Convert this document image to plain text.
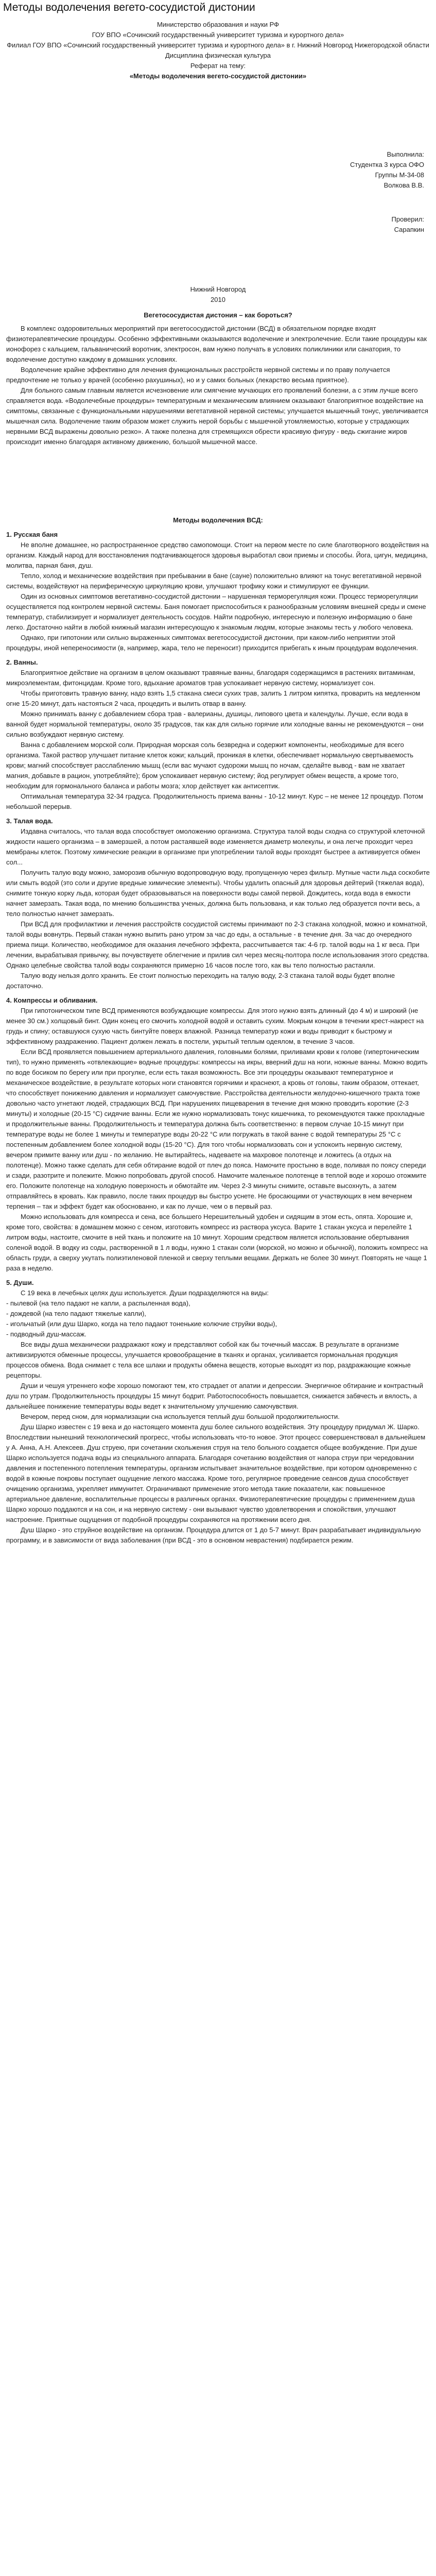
Методы водолечения вегето-сосудистой дистонии

Министерство образования и науки РФ

ГОУ ВПО «Сочинский государственный университет туризма и курортного дела»

Филиал ГОУ ВПО «Сочинский государственный университет туризма и курортного дела» в г. Нижний Новгород Нижегородской области

Дисциплина физическая культура

Реферат на тему:

«Методы водолечения вегето-сосудистой дистонии»

Выполнила:

Студентка 3 курса ОФО

Группы М-34-08

Волкова В.В.

Проверил:

Сарапкин

Нижний Новгород

2010

Вегетососудистая дистония – как бороться?

В комплекс оздоровительных мероприятий при вегетососудистой дистонии (ВСД) в обязательном порядке входят физиотерапевтические процедуры. Особенно эффективными оказываются водолечение и электролечение. Если такие процедуры как ионофорез с кальцием, гальванический воротник, электросон, вам нужно получать в условиях поликлиники или санатория, то водолечение доступно каждому в домашних условиях.

Водолечение крайне эффективно для лечения функциональных расстройств нервной системы и по праву получается предпочтение не только у врачей (особенно рахушиных), но и у самих больных (лекарство весьма приятное).

Для больного самым главным является исчезновение или смягчение мучающих его проявлений болезни, а с этим лучше всего справляется вода. «Водолечебные процедуры» температурным и механическим влиянием оказывают благоприятное воздействие на симптомы, связанные с функциональными нарушениями вегетативной нервной системы; улучшается мышечный тонус, увеличивается мышечная сила. Водолечение таким образом может служить нерой борьбы с мышечной утомляемостью, которые у страдающих нервными ВСД выражены довольно резко». А также полезна для стремящихся обрести красивую фигуру - ведь сжигание жиров происходит именно благодаря активному движению, большой мышечной массе.

Методы водолечения ВСД:

1. Русская баня

Не вполне домашнее, но распространенное средство самопомощи. Стоит на первом месте по силе благотворного воздействия на организм. Каждый народ для восстановления подтачивающегося здоровья выработал свои приемы и способы. Йога, цигун, медицина, молитва, парная баня, душ.

Тепло, холод и механические воздействия при пребывании в бане (сауне) положительно влияют на тонус вегетативной нервной системы, воздействуют на периферическую циркуляцию крови, улучшают трофику кожи и стимулируют ее функции.

Один из основных симптомов вегетативно-сосудистой дистонии – нарушенная терморегуляция кожи. Процесс терморегуляции осуществляется под контролем нервной системы. Баня помогает приспособиться к разнообразным условиям внешней среды и смене температур, стабилизирует и нормализует деятельность сосудов. Найти подробную, интересную и полезную информацию о бане легко. Достаточно найти в любой книжный магазин интересующую к знакомым людям, которые знакомы тесть у любого человека.

Однако, при гипотонии или сильно выраженных симптомах вегетососудистой дистонии, при каком-либо неприятии этой процедуры, иной непереносимости (в, например, жара, тело не переносит) приходится прибегать к иным процедурам водолечения.

2. Ванны.

Благоприятное действие на организм в целом оказывают травяные ванны, благодаря содержащимся в растениях витаминам, микроэлементам, фитонцидам. Кроме того, вдыхание ароматов трав успокаивает нервную систему, нормализует сон.

Чтобы приготовить травную ванну, надо взять 1,5 стакана смеси сухих трав, залить 1 литром кипятка, проварить на медленном огне 15-20 минут, дать настояться 2 часа, процедить и вылить отвар в ванну.

Можно принимать ванну с добавлением сбора трав - валерианы, душицы, липового цвета и календулы. Лучше, если вода в ванной будет нормальной температуры, около 35 градусов, так как для сильно горячие или холодные ванны не рекомендуются – они сильно возбуждают нервную систему.

Ванна с добавлением морской соли. Природная морская соль безвредна и содержит компоненты, необходимые для всего организма. Такой раствор улучшает питание клеток кожи; кальций, проникая в клетки, обеспечивает нормальную свертываемость крови; магний способствует расслаблению мышц (если вас мучают судорожи мышц по ночам, сделайте вывод - вам не хватает магния, добавьте в рацион, употребляйте); бром успокаивает нервную систему; йод регулирует обмен веществ, а кроме того, необходим для гормонального баланса и работы мозга; хлор действует как антисептик.

Оптимальная температура 32-34 градуса. Продолжительность приема ванны - 10-12 минут. Курс – не менее 12 процедур. Потом небольшой перерыв.

3. Талая вода.

Издавна считалось, что талая вода способствует омоложению организма. Структура талой воды сходна со структурой клеточной жидкости нашего организма – в замерзшей, а потом растаявшей воде изменяется диаметр молекулы, и она легче проходит через мембраны клеток. Поэтому химические реакции в организме при употреблении талой воды проходят быстрее а активируется обмен сол...

Получить талую воду можно, заморозив обычную водопроводную воду, пропущенную через фильтр. Мутные части льда соскобите или смыть водой (это соли и другие вредные химические элементы). Чтобы удалить опасный для здоровья дейтерий (тяжелая вода), снимите тонкую корку льда, которая будет образовываться на поверхности воды самой первой. Дождитесь, когда вода в емкости начнет замерзать. Такая вода, по мнению большинства ученых, должна быть пользована, и как только лед образуется почти весь, а тело полностью начнет замерзать.

При ВСД для профилактики и лечения расстройств сосудистой системы принимают по 2-3 стакана холодной, можно и комнатной, талой воды вовнутрь. Первый стакан нужно выпить рано утром за час до еды, а остальные - в течение дня. За час до очередного приема пищи. Количество, необходимое для оказания лечебного эффекта, рассчитывается так: 4-6 гр. талой воды на 1 кг веса. При лечении, вырабатывая привычку, вы почувствуете облегчение и прилив сил через месяц-полтора после использования этого средства. Однако целебные свойства талой воды сохраняются примерно 16 часов после того, как вы тело полностью растаяли.

Талую воду нельзя долго хранить. Ее стоит полностью переходить на талую воду, 2-3 стакана талой воды будет вполне достаточно.

4. Компрессы и обливания.

При гипотоническом типе ВСД применяются возбуждающие компрессы. Для этого нужно взять длинный (до 4 м) и широкий (не менее 30 см.) холщовый бинт. Один конец его смочить холодной водой и оставить сухим. Мокрым концом в течении крест-накрест на грудь и спину; оставшуюся сухую часть бинтуйте поверх влажной. Разница температур кожи и воды приводит к быстрому и эффективному раздражению. Пациент должен лежать в постели, укрытый теплым одеялом, в течение 3 часов.

Если ВСД проявляется повышением артериального давления, головными болями, приливами крови к голове (гипертоническим тип), то нужно применять «отвлекающие» водные процедуры: компрессы на икры, вверний душ на ноги, ножные ванны. Можно водить по воде босиком по берегу или при прогулке, если есть такая возможность. Все эти процедуры оказывают температурное и механическое воздействие, в результате которых ноги становятся горячими и краснеют, а кровь от головы, таким образом, оттекает, что способствует понижению давления и нормализует самочувствие. Расстройства деятельности желудочно-кишечного тракта тоже довольно часто угнетают людей, страдающих ВСД. При нарушениях пищеварения в течение дня можно проводить короткие (2-3 минуты) и холодные (20-15 °С) сидячие ванны. Если же нужно нормализовать тонус кишечника, то рекомендуются также прохладные и продолжительные ванны. Продолжительность и температура должна быть соответственно: в первом случае 10-15 минут при температуре воды не более 1 минуты и температуре воды 20-22 °С или погружать в такой ванне с водой температуры 25 °С с постепенным добавлением более холодной воды (15-20 °С). Для того чтобы нормализовать сон и успокоить нервную систему, вечером примите ванну или душ - по желанию. Не вытирайтесь, надеваете на махровое полотенце и ложитесь (а отдых на полотенце). Можно также сделать для себя обтирание водой от плеч до пояса. Намочите простыню в воде, поливая по поясу спереди и сзади, разотрите и полежите. Можно попробовать другой способ. Намочите маленькое полотенце в теплой воде и хорошо отожмите его. Положите полотенце на холодную поверхность и обмотайте им. Через 2-3 минуты снимите, оставьте высохнуть, а затем отправляйтесь в кровать. Как правило, после таких процедур вы быстро уснете. Не бросающими от участвующих в нем вечернем терпения – так и эффект будет как обоснованно, и как по лучше, чем о в первый раз.

Можно использовать для компресса и сена, все большего Нерешительный удобен и сидящим в этом есть, опята. Хорошие и, кроме того, свойства: в домашнем можно с сеном, изготовить компресс из раствора уксуса. Варите 1 стакан уксуса и перелейте 1 литром воды, настоите, смочите в ней ткань и положите на 10 минут. Хорошим средством является использование обертывания соленой водой. В водку из соды, растворенной в 1 л воды, нужно 1 стакан соли (морской, но можно и обычной), положить компресс на область груди, а сверху укутать полиэтиленовой пленкой и сверху теплыми вещами. Держать не более 30 минут. Повторять не чаще 1 раза в неделю.

5. Души.

С 19 века в лечебных целях душ используется. Души подразделяются на виды:

- пылевой (на тело падают не капли, а распыленная вода),
- дождевой (на тело падают тяжелые капли),
- игольчатый (или душ Шарко, когда на тело падают тоненькие колючие струйки воды),
- подводный душ-массаж.

Все виды душа механически раздражают кожу и представляют собой как бы точечный массаж. В результате в организме активизируются обменные процессы, улучшается кровообращение в тканях и органах, усиливается гормональная продукция процессов обмена. Вода снимает с тела все шлаки и продукты обмена веществ, которые выходят из пор, раздражающие кожные рецепторы.

Души и чешуя утреннего кофе хорошо помогают тем, кто страдает от апатии и депрессии. Энергичное обтирание и контрастный душ по утрам. Продолжительность процедуры 15 минут бодрит. Работоспособность повышается, снижается забвчесть и вялость, а дальнейшее понижение температуры воды ведет к значительному улучшению самочувствия.

Вечером, перед сном, для нормализации сна используется теплый душ большой продолжительности.

Душ Шарко известен с 19 века и до настоящего момента душ более сильного воздействия. Эту процедуру придумал Ж. Шарко. Впоследствии нынешний технологический прогресс, чтобы использовать что-то новое. Этот процесс совершенствовал в дальнейшем у А. Анна, А.Н. Алексеев. Душ струею, при сочетании скольжения струя на тело больного создается общее возбуждение. При душе Шарко используется подача воды из специального аппарата. Благодаря сочетанию воздействия от напора струи при чередовании давления и постепенного потепления температуры, организм испытывает значительное воздействие, при котором одновременно с водой в кожные покровы поступает ощущение легкого массажа. Кроме того, регулярное проведение сеансов душа способствует очищению организма, укрепляет иммунитет. Ограничивают применение этого метода такие показатели, как: повышенное артериальное давление, воспалительные процессы в различных органах. Физиотерапевтические процедуры с применением душа Шарко хорошо поддаются и на сон, и на нервную систему - они вызывают чувство удовлетворения и спокойствия, улучшают настроение. Приятные ощущения от подобной процедуры сохраняются на протяжении всего дня.

Душ Шарко - это струйное воздействие на организм. Процедура длится от 1 до 5-7 минут. Врач разрабатывает индивидуальную программу, и в зависимости от вида заболевания (при ВСД - это в основном неврастения) подбирается режим.
